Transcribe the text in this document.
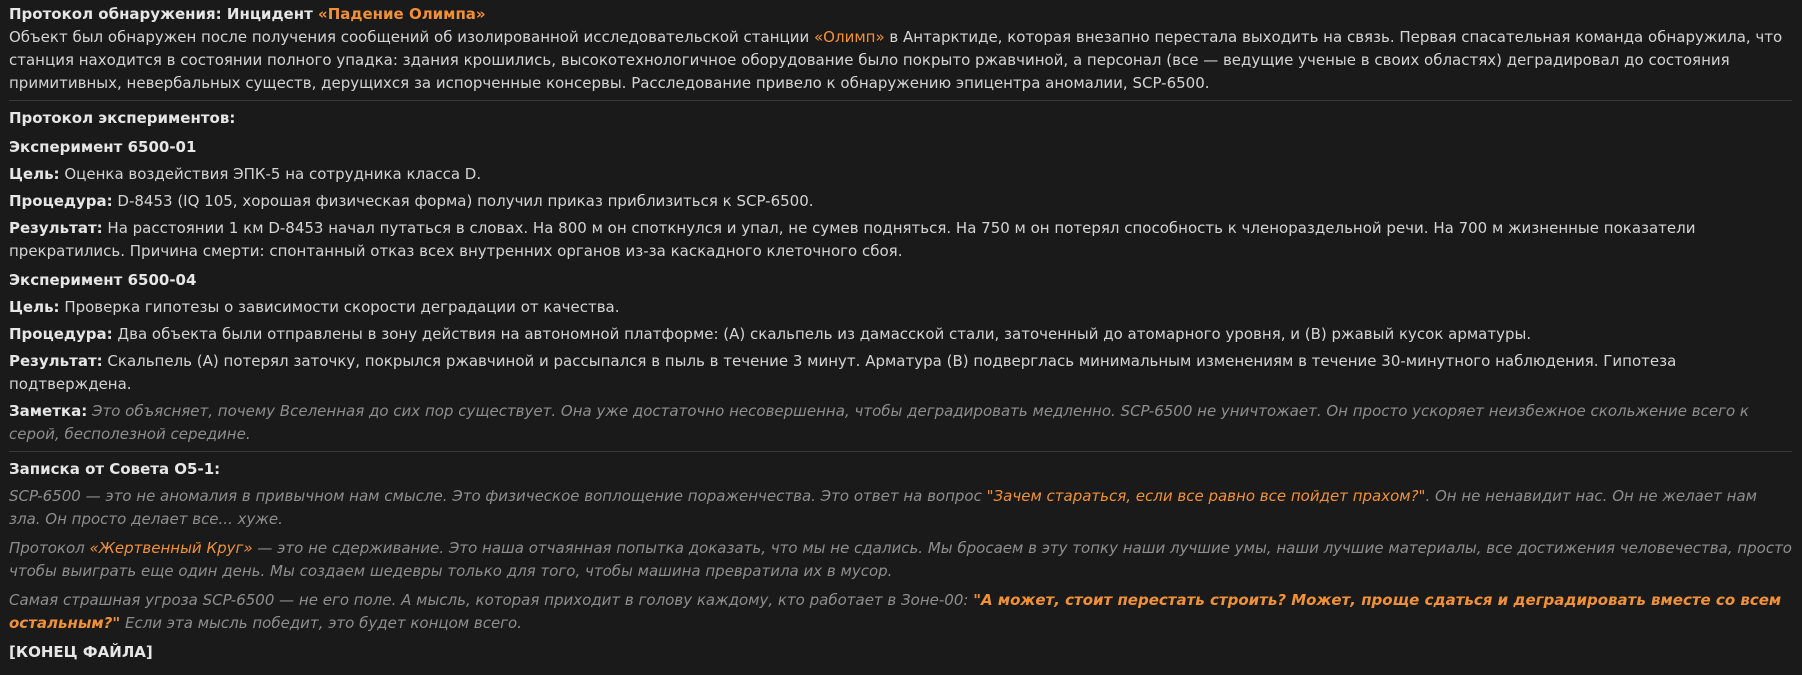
Протокол обнаружения: Инцидент «Падение Олимпа»

Объект был обнаружен после получения сообщений об изолированной исследовательской станции «Олимп» в Антарктиде, которая внезапно перестала выходить на связь. Первая спасательная команда обнаружила, что станция находится в состоянии полного упадка: здания крошились, высокотехнологичное оборудование было покрыто ржавчиной, а персонал (все — ведущие ученые в своих областях) деградировал до состояния примитивных, невербальных существ, дерущихся за испорченные консервы. Расследование привело к обнаружению эпицентра аномалии, SCP-6500.

Протокол экспериментов:

Эксперимент 6500-01

Цель: Оценка воздействия ЭПК-5 на сотрудника класса D.

Процедура: D-8453 (IQ 105, хорошая физическая форма) получил приказ приблизиться к SCP-6500.

Результат: На расстоянии 1 км D-8453 начал путаться в словах. На 800 м он споткнулся и упал, не сумев подняться. На 750 м он потерял способность к членораздельной речи. На 700 м жизненные показатели прекратились. Причина смерти: спонтанный отказ всех внутренних органов из-за каскадного клеточного сбоя.

Эксперимент 6500-04

Цель: Проверка гипотезы о зависимости скорости деградации от качества.

Процедура: Два объекта были отправлены в зону действия на автономной платформе: (A) скальпель из дамасской стали, заточенный до атомарного уровня, и (B) ржавый кусок арматуры.

Результат: Скальпель (A) потерял заточку, покрылся ржавчиной и рассыпался в пыль в течение 3 минут. Арматура (B) подверглась минимальным изменениям в течение 30-минутного наблюдения. Гипотеза подтверждена.

Заметка: Это объясняет, почему Вселенная до сих пор существует. Она уже достаточно несовершенна, чтобы деградировать медленно. SCP-6500 не уничтожает. Он просто ускоряет неизбежное скольжение всего к серой, бесполезной середине.

Записка от Совета О5-1:

SCP-6500 — это не аномалия в привычном нам смысле. Это физическое воплощение пораженчества. Это ответ на вопрос "Зачем стараться, если все равно все пойдет прахом?". Он не ненавидит нас. Он не желает нам зла. Он просто делает все... хуже.

Протокол «Жертвенный Круг» — это не сдерживание. Это наша отчаянная попытка доказать, что мы не сдались. Мы бросаем в эту топку наши лучшие умы, наши лучшие материалы, все достижения человечества, просто чтобы выиграть еще один день. Мы создаем шедевры только для того, чтобы машина превратила их в мусор.

Самая страшная угроза SCP-6500 — не его поле. А мысль, которая приходит в голову каждому, кто работает в Зоне-00: "А может, стоит перестать строить? Может, проще сдаться и деградировать вместе со всем остальным?" Если эта мысль победит, это будет концом всего.

[КОНЕЦ ФАЙЛА]
